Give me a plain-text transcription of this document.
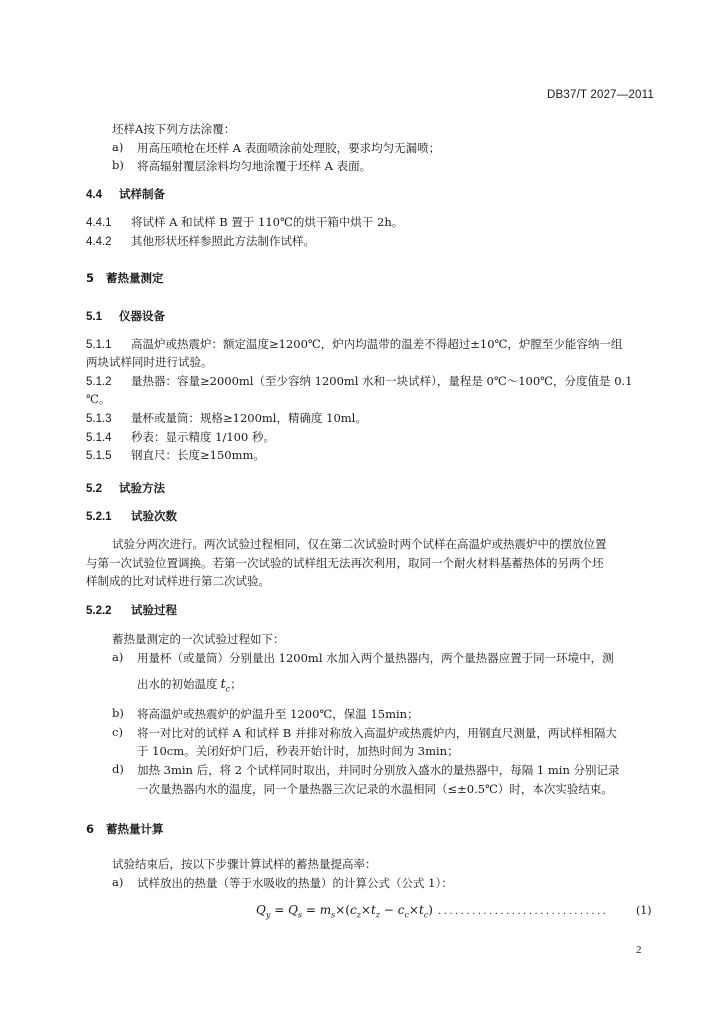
DB37/T 2027—2011
坯样A按下列方法涂覆：
a) 用高压喷枪在坯样 A 表面喷涂前处理胶，要求均匀无漏喷；
b) 将高辐射覆层涂料均匀地涂覆于坯样 A 表面。
4.4 试样制备
4.4.1 将试样 A 和试样 B 置于 110℃的烘干箱中烘干 2h。
4.4.2 其他形状坯样参照此方法制作试样。
5 蓄热量测定
5.1 仪器设备
5.1.1 高温炉或热震炉：额定温度≥1200℃，炉内均温带的温差不得超过±10℃，炉膛至少能容纳一组
两块试样同时进行试验。
5.1.2 量热器：容量≥2000ml（至少容纳 1200ml 水和一块试样），量程是 0℃～100℃，分度值是 0.1
℃。
5.1.3 量杯或量筒：规格≥1200ml，精确度 10ml。
5.1.4 秒表：显示精度 1/100 秒。
5.1.5 钢直尺：长度≥150mm。
5.2 试验方法
5.2.1 试验次数
试验分两次进行。两次试验过程相同，仅在第二次试验时两个试样在高温炉或热震炉中的摆放位置
与第一次试验位置调换。若第一次试验的试样组无法再次利用，取同一个耐火材料基蓄热体的另两个坯
样制成的比对试样进行第二次试验。
5.2.2 试验过程
蓄热量测定的一次试验过程如下：
a) 用量杯（或量筒）分别量出 1200ml 水加入两个量热器内，两个量热器应置于同一环境中，测
出水的初始温度 $t_c$；
b) 将高温炉或热震炉的炉温升至 1200℃，保温 15min；
c) 将一对比对的试样 A 和试样 B 并排对称放入高温炉或热震炉内，用钢直尺测量，两试样相隔大
于 10cm。关闭好炉门后，秒表开始计时，加热时间为 3min；
d) 加热 3min 后，将 2 个试样同时取出，并同时分别放入盛水的量热器中，每隔 1 min 分别记录
一次量热器内水的温度，同一个量热器三次记录的水温相同（≤±0.5℃）时，本次实验结束。
6 蓄热量计算
试验结束后，按以下步骤计算试样的蓄热量提高率：
a) 试样放出的热量（等于水吸收的热量）的计算公式（公式 1）：
$Q_y = Q_s = m_s\times(c_z\times t_z - c_c\times t_c)$ ..............................	(1)
2
